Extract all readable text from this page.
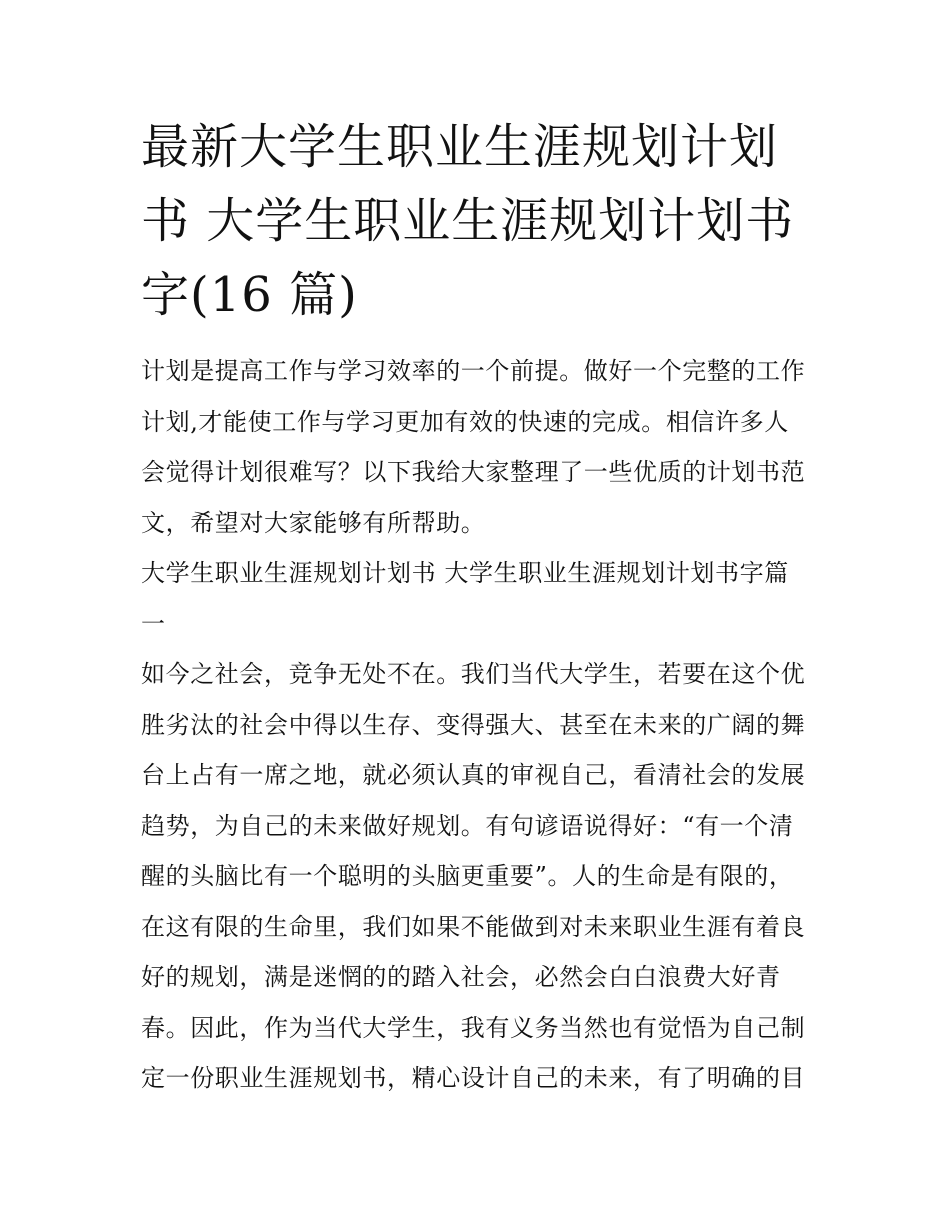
最新大学生职业生涯规划计划
书 大学生职业生涯规划计划书
字(16 篇)
计划是提高工作与学习效率的一个前提。做好一个完整的工作
计划,才能使工作与学习更加有效的快速的完成。相信许多人
会觉得计划很难写？以下我给大家整理了一些优质的计划书范
文，希望对大家能够有所帮助。
大学生职业生涯规划计划书 大学生职业生涯规划计划书字篇
一
如今之社会，竞争无处不在。我们当代大学生，若要在这个优
胜劣汰的社会中得以生存、变得强大、甚至在未来的广阔的舞
台上占有一席之地，就必须认真的审视自己，看清社会的发展
趋势，为自己的未来做好规划。有句谚语说得好：“有一个清
醒的头脑比有一个聪明的头脑更重要”。人的生命是有限的，
在这有限的生命里，我们如果不能做到对未来职业生涯有着良
好的规划，满是迷惘的的踏入社会，必然会白白浪费大好青
春。因此，作为当代大学生，我有义务当然也有觉悟为自己制
定一份职业生涯规划书，精心设计自己的未来，有了明确的目
